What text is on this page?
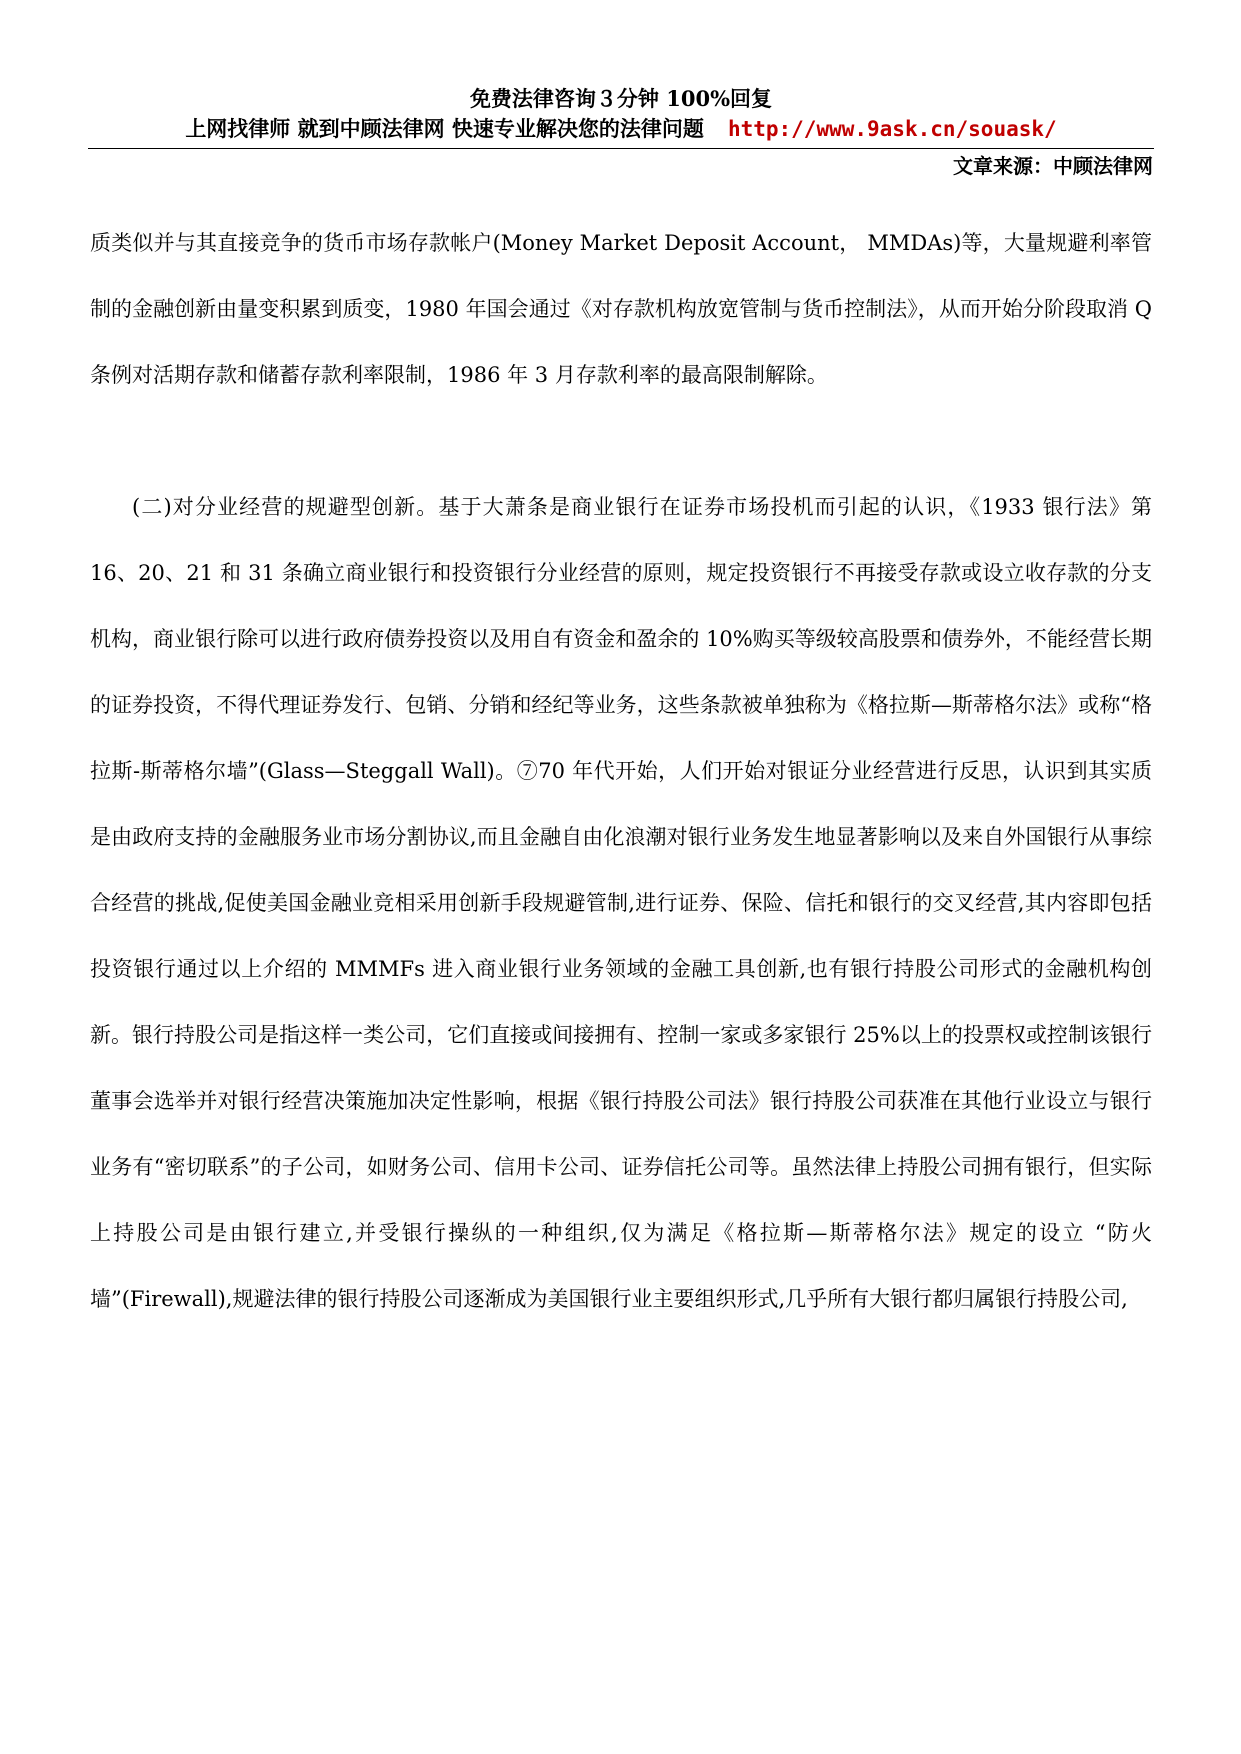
免费法律咨询３分钟 100%回复
上网找律师 就到中顾法律网 快速专业解决您的法律问题 http://www.9ask.cn/souask/
文章来源：中顾法律网

质类似并与其直接竞争的货币市场存款帐户(Money Market Deposit Account， MMDAs)等，大量规避利率管制的金融创新由量变积累到质变，1980 年国会通过《对存款机构放宽管制与货币控制法》，从而开始分阶段取消 Q 条例对活期存款和储蓄存款利率限制，1986 年 3 月存款利率的最高限制解除。

(二)对分业经营的规避型创新。基于大萧条是商业银行在证券市场投机而引起的认识，《1933 银行法》第 16、20、21 和 31 条确立商业银行和投资银行分业经营的原则，规定投资银行不再接受存款或设立收存款的分支机构，商业银行除可以进行政府债券投资以及用自有资金和盈余的 10%购买等级较高股票和债券外，不能经营长期的证券投资，不得代理证券发行、包销、分销和经纪等业务，这些条款被单独称为《格拉斯—斯蒂格尔法》或称“格拉斯-斯蒂格尔墙”(Glass—Steggall Wall)。⑦70 年代开始，人们开始对银证分业经营进行反思，认识到其实质是由政府支持的金融服务业市场分割协议,而且金融自由化浪潮对银行业务发生地显著影响以及来自外国银行从事综合经营的挑战,促使美国金融业竞相采用创新手段规避管制,进行证券、保险、信托和银行的交叉经营,其内容即包括投资银行通过以上介绍的 MMMFs 进入商业银行业务领域的金融工具创新,也有银行持股公司形式的金融机构创新。银行持股公司是指这样一类公司，它们直接或间接拥有、控制一家或多家银行 25%以上的投票权或控制该银行董事会选举并对银行经营决策施加决定性影响，根据《银行持股公司法》银行持股公司获准在其他行业设立与银行业务有“密切联系”的子公司，如财务公司、信用卡公司、证券信托公司等。虽然法律上持股公司拥有银行，但实际上持股公司是由银行建立,并受银行操纵的一种组织,仅为满足《格拉斯—斯蒂格尔法》规定的设立 “防火墙”(Firewall),规避法律的银行持股公司逐渐成为美国银行业主要组织形式,几乎所有大银行都归属银行持股公司,
